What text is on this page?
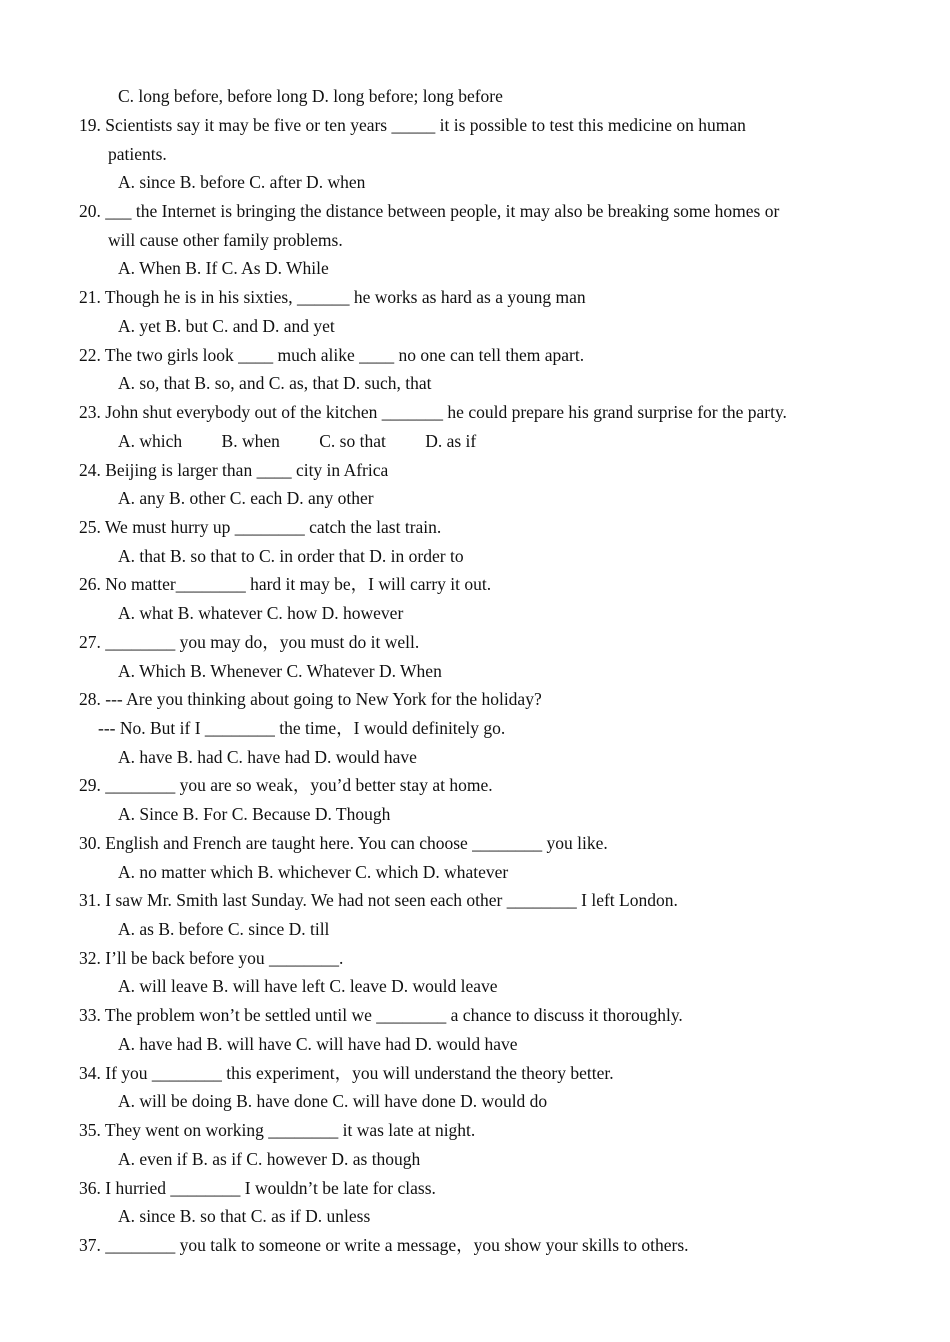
C. long before, before long D. long before; long before
19. Scientists say it may be five or ten years _____ it is possible to test this medicine on human
patients.
A. since B. before C. after D. when
20. ___ the Internet is bringing the distance between people, it may also be breaking some homes or
will cause other family problems.
A. When B. If C. As D. While
21. Though he is in his sixties, ______ he works as hard as a young man
A. yet B. but C. and D. and yet
22. The two girls look ____ much alike ____ no one can tell them apart.
A. so, that B. so, and C. as, that D. such, that
23. John shut everybody out of the kitchen _______ he could prepare his grand surprise for the party.
A. which         B. when         C. so that         D. as if
24. Beijing is larger than ____ city in Africa
A. any B. other C. each D. any other
25. We must hurry up ________ catch the last train.
A. that B. so that to C. in order that D. in order to
26. No matter________ hard it may be，I will carry it out.
A. what B. whatever C. how D. however
27. ________ you may do，you must do it well.
A. Which B. Whenever C. Whatever D. When
28. --- Are you thinking about going to New York for the holiday?
--- No. But if I ________ the time，I would definitely go.
A. have B. had C. have had D. would have
29. ________ you are so weak，you’d better stay at home.
A. Since B. For C. Because D. Though
30. English and French are taught here. You can choose ________ you like.
A. no matter which B. whichever C. which D. whatever
31. I saw Mr. Smith last Sunday. We had not seen each other ________ I left London.
A. as B. before C. since D. till
32. I’ll be back before you ________.
A. will leave B. will have left C. leave D. would leave
33. The problem won’t be settled until we ________ a chance to discuss it thoroughly.
A. have had B. will have C. will have had D. would have
34. If you ________ this experiment，you will understand the theory better.
A. will be doing B. have done C. will have done D. would do
35. They went on working ________ it was late at night.
A. even if B. as if C. however D. as though
36. I hurried ________ I wouldn’t be late for class.
A. since B. so that C. as if D. unless
37. ________ you talk to someone or write a message，you show your skills to others.
